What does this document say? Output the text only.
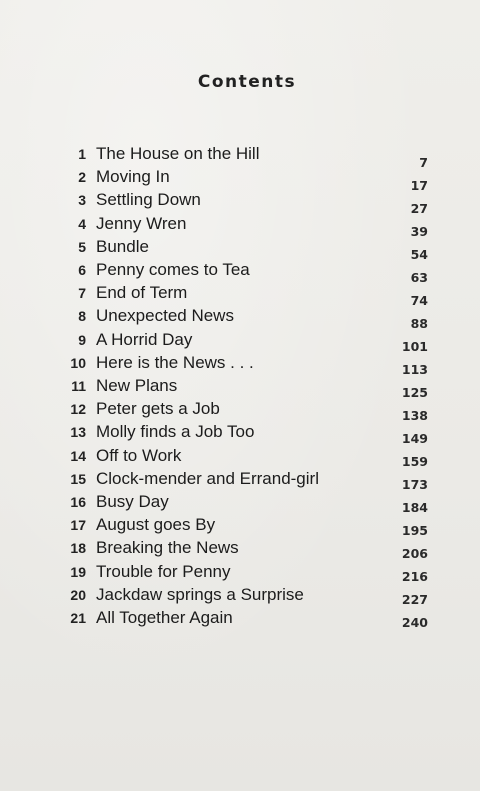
Contents
1 The House on the Hill	7
2 Moving In	17
3 Settling Down	27
4 Jenny Wren	39
5 Bundle	54
6 Penny comes to Tea	63
7 End of Term	74
8 Unexpected News	88
9 A Horrid Day	101
10 Here is the News . . .	113
11 New Plans	125
12 Peter gets a Job	138
13 Molly finds a Job Too	149
14 Off to Work	159
15 Clock-mender and Errand-girl	173
16 Busy Day	184
17 August goes By	195
18 Breaking the News	206
19 Trouble for Penny	216
20 Jackdaw springs a Surprise	227
21 All Together Again	240
